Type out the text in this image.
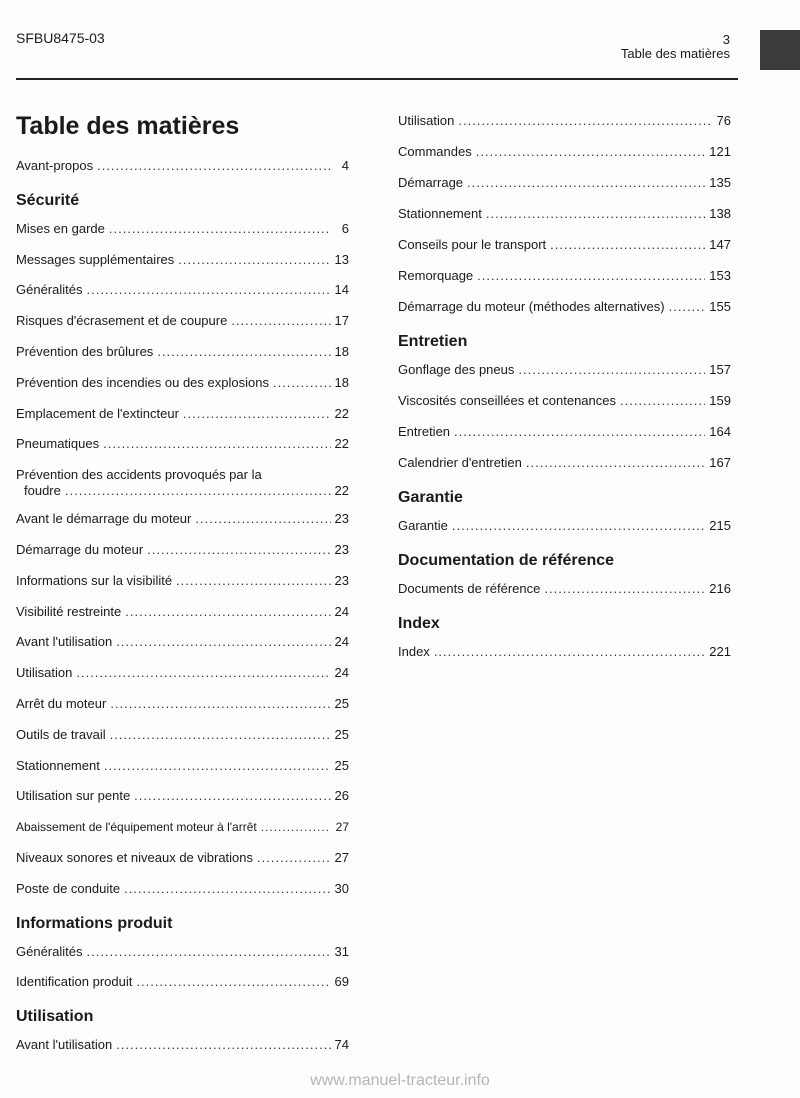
SFBU8475-03	3
Table des matières
Table des matières
Avant-propos .....	4
Sécurité
Mises en garde .....	6
Messages supplémentaires .....	13
Généralités .....	14
Risques d'écrasement et de coupure .....	17
Prévention des brûlures .....	18
Prévention des incendies ou des explosions .....	18
Emplacement de l'extincteur .....	22
Pneumatiques .....	22
Prévention des accidents provoqués par la
foudre .....	22
Avant le démarrage du moteur .....	23
Démarrage du moteur .....	23
Informations sur la visibilité .....	23
Visibilité restreinte .....	24
Avant l'utilisation .....	24
Utilisation .....	24
Arrêt du moteur .....	25
Outils de travail .....	25
Stationnement .....	25
Utilisation sur pente .....	26
Abaissement de l'équipement moteur à l'arrêt .....	27
Niveaux sonores et niveaux de vibrations .....	27
Poste de conduite .....	30
Informations produit
Généralités .....	31
Identification produit .....	69
Utilisation
Avant l'utilisation .....	74
Utilisation .....	76
Commandes .....	121
Démarrage .....	135
Stationnement .....	138
Conseils pour le transport .....	147
Remorquage .....	153
Démarrage du moteur (méthodes alternatives) .....	155
Entretien
Gonflage des pneus .....	157
Viscosités conseillées et contenances .....	159
Entretien .....	164
Calendrier d'entretien .....	167
Garantie
Garantie .....	215
Documentation de référence
Documents de référence .....	216
Index
Index .....	221
www.manuel-tracteur.info
